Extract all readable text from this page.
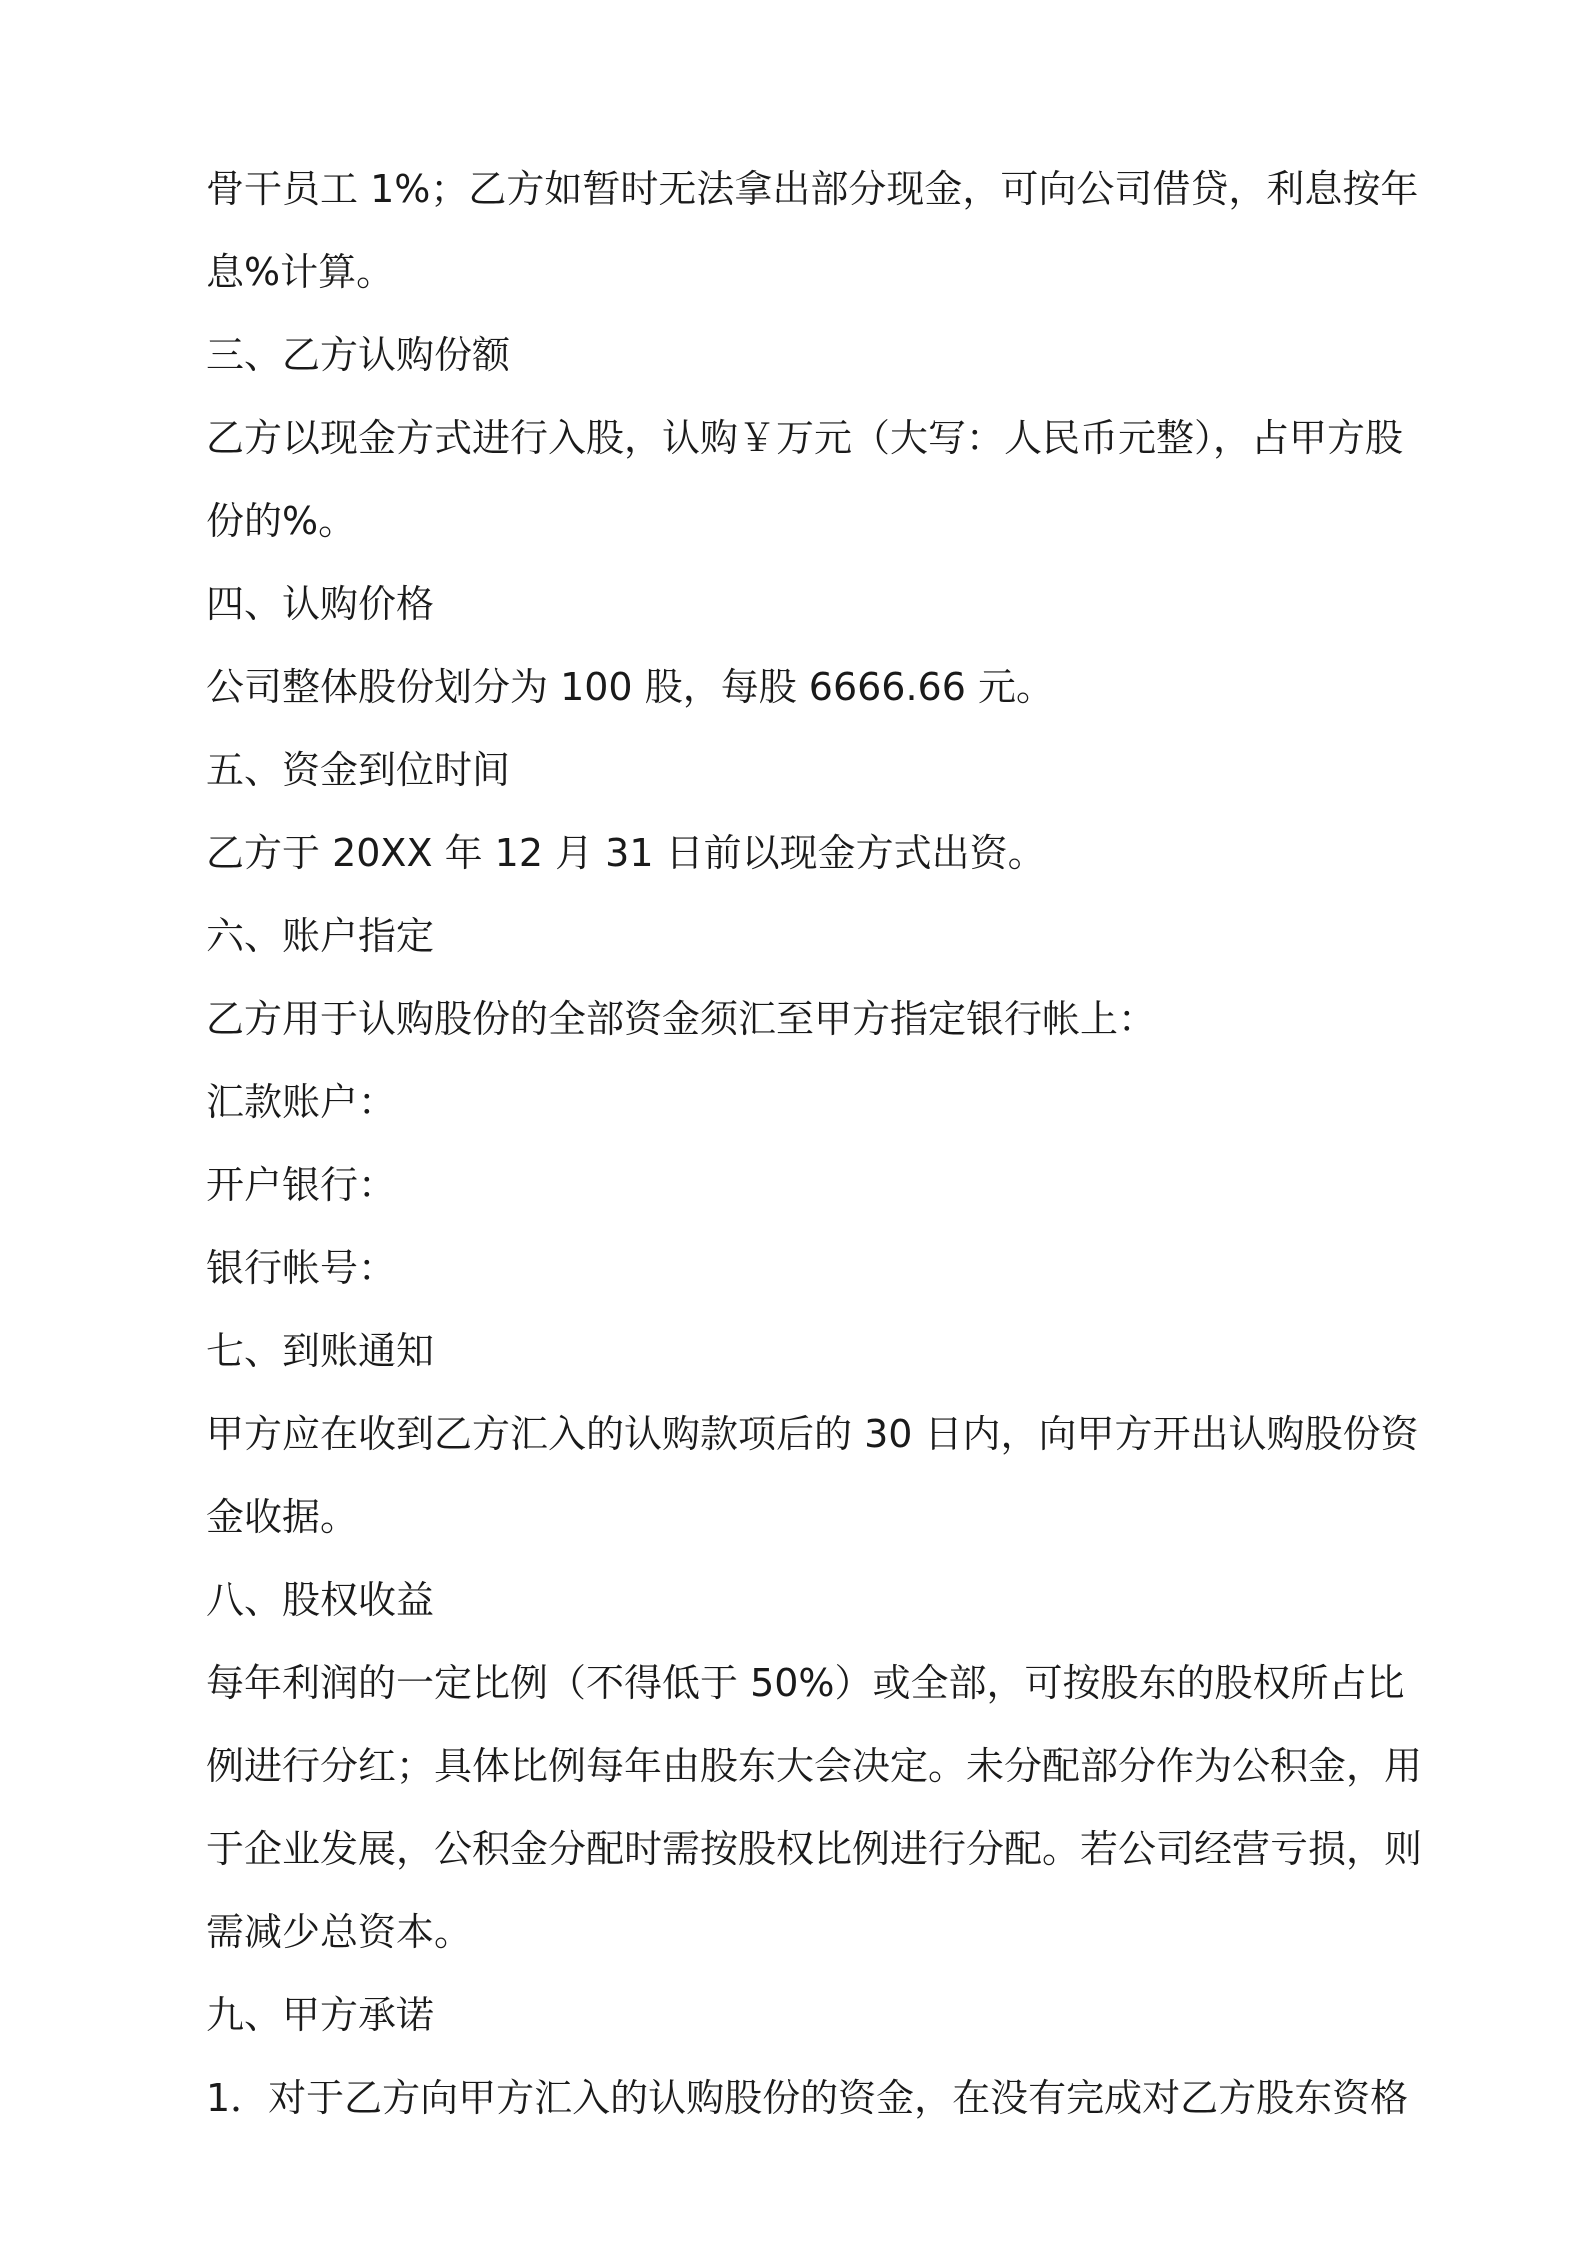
骨干员工 1%；乙方如暂时无法拿出部分现金，可向公司借贷，利息按年
息%计算。
三、乙方认购份额
乙方以现金方式进行入股，认购￥万元（大写：人民币元整），占甲方股
份的%。
四、认购价格
公司整体股份划分为 100 股，每股 6666.66 元。
五、资金到位时间
乙方于 20XX 年 12 月 31 日前以现金方式出资。
六、账户指定
乙方用于认购股份的全部资金须汇至甲方指定银行帐上：
汇款账户：
开户银行：
银行帐号：
七、到账通知
甲方应在收到乙方汇入的认购款项后的 30 日内，向甲方开出认购股份资
金收据。
八、股权收益
每年利润的一定比例（不得低于 50%）或全部，可按股东的股权所占比
例进行分红；具体比例每年由股东大会决定。未分配部分作为公积金，用
于企业发展，公积金分配时需按股权比例进行分配。若公司经营亏损，则
需减少总资本。
九、甲方承诺
1．对于乙方向甲方汇入的认购股份的资金，在没有完成对乙方股东资格
